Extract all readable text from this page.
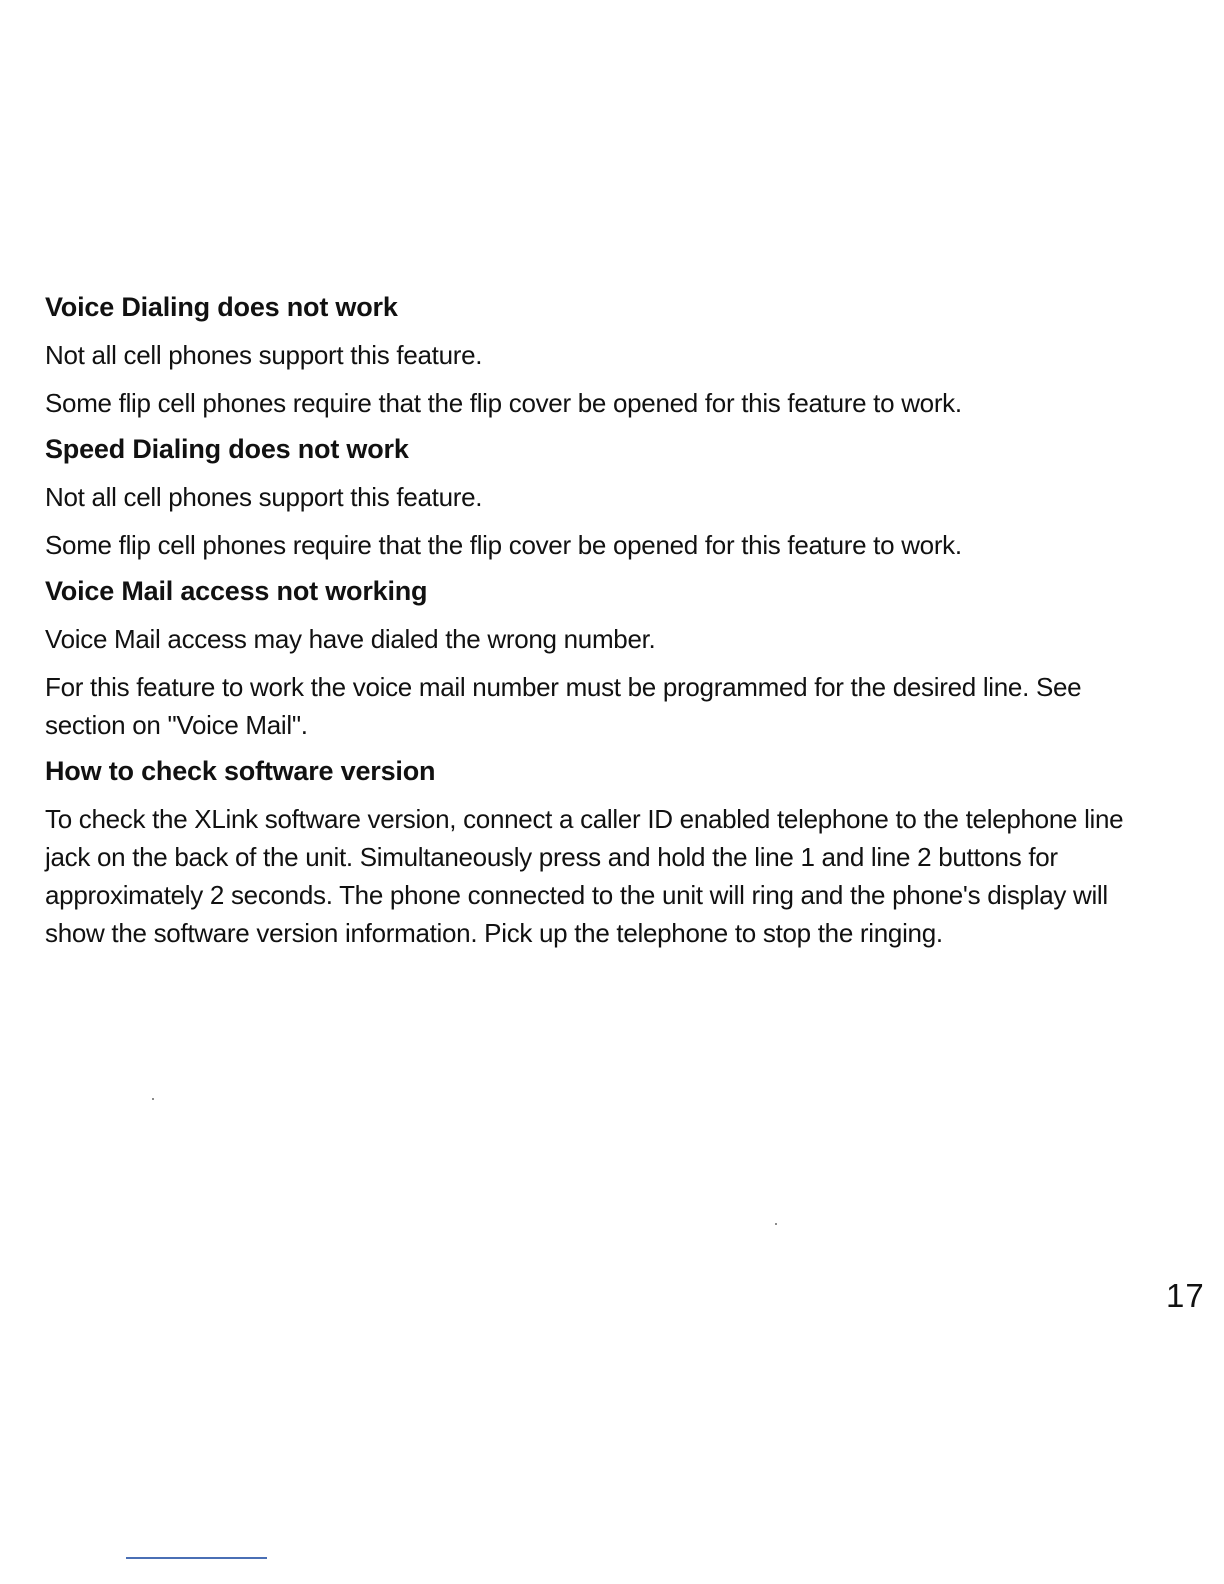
Voice Dialing does not work
Not all cell phones support this feature.
Some flip cell phones require that the flip cover be opened for this feature to work.
Speed Dialing does not work
Not all cell phones support this feature.
Some flip cell phones require that the flip cover be opened for this feature to work.
Voice Mail access not working
Voice Mail access may have dialed the wrong number.
For this feature to work the voice mail number must be programmed for the desired line. See section on "Voice Mail".
How to check software version
To check the XLink software version, connect a caller ID enabled telephone to the telephone line jack on the back of the unit. Simultaneously press and hold the line 1 and line 2 buttons for approximately 2 seconds. The phone connected to the unit will ring and the phone's display will show the software version information. Pick up the telephone to stop the ringing.
17
